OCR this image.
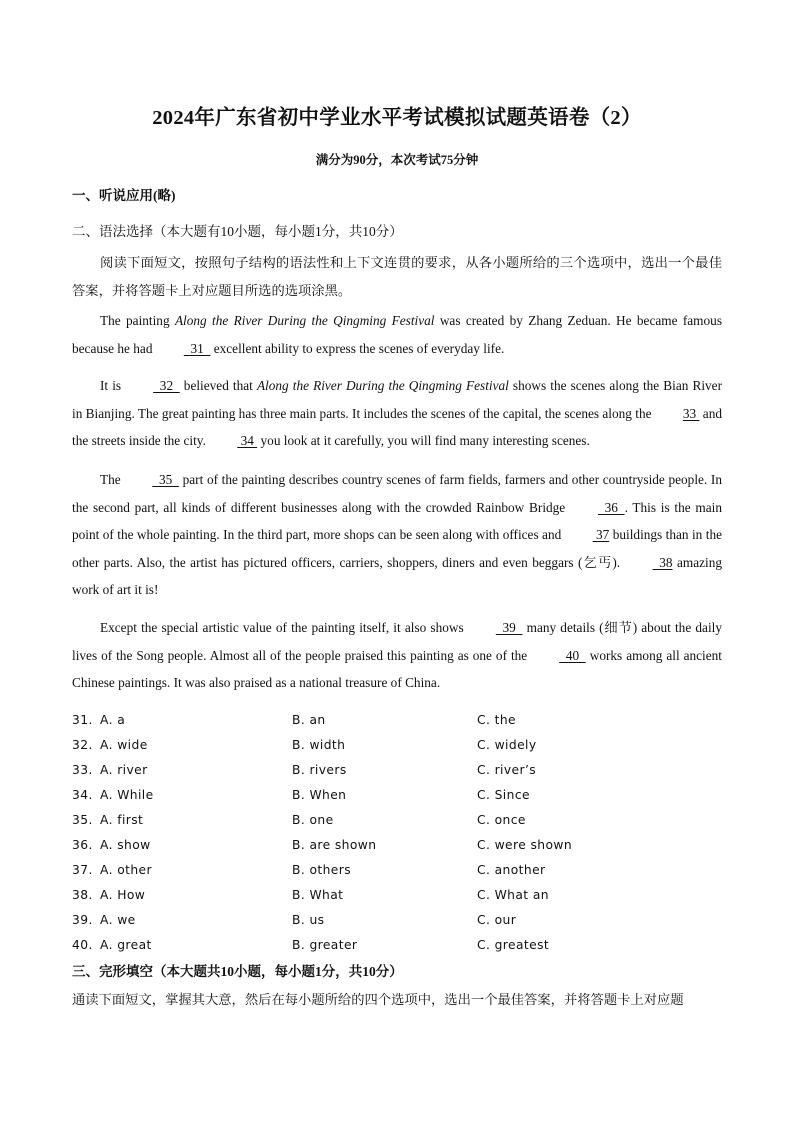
2024年广东省初中学业水平考试模拟试题英语卷（2）
满分为90分，本次考试75分钟
一、听说应用(略)
二、语法选择（本大题有10小题，每小题1分，共10分）
阅读下面短文，按照句子结构的语法性和上下文连贯的要求，从各小题所给的三个选项中，选出一个最佳答案，并将答题卡上对应题目所选的选项涂黑。
The painting Along the River During the Qingming Festival was created by Zhang Zeduan. He became famous because he had   31   excellent ability to express the scenes of everyday life.
It is   32   believed that Along the River During the Qingming Festival shows the scenes along the Bian River in Bianjing. The great painting has three main parts. It includes the scenes of the capital, the scenes along the 33  and the streets inside the city.  34  you look at it carefully, you will find many interesting scenes.
The   35   part of the painting describes country scenes of farm fields, farmers and other countryside people. In the second part, all kinds of different businesses along with the crowded Rainbow Bridge   36  . This is the main point of the whole painting. In the third part, more shops can be seen along with offices and  37 buildings than in the other parts. Also, the artist has pictured officers, carriers, shoppers, diners and even beggars (乞丐).   38 amazing work of art it is!
Except the special artistic value of the painting itself, it also shows   39   many details (细节) about the daily lives of the Song people. Almost all of the people praised this painting as one of the   40   works among all ancient Chinese paintings. It was also praised as a national treasure of China.
31. A. a	B. an	C. the
32. A. wide	B. width	C. widely
33. A. river	B. rivers	C. river’s
34. A. While	B. When	C. Since
35. A. first	B. one	C. once
36. A. show	B. are shown	C. were shown
37. A. other	B. others	C. another
38. A. How	B. What	C. What an
39. A. we	B. us	C. our
40. A. great	B. greater	C. greatest
三、完形填空（本大题共10小题，每小题1分，共10分）
通读下面短文，掌握其大意，然后在每小题所给的四个选项中，选出一个最佳答案，并将答题卡上对应题
